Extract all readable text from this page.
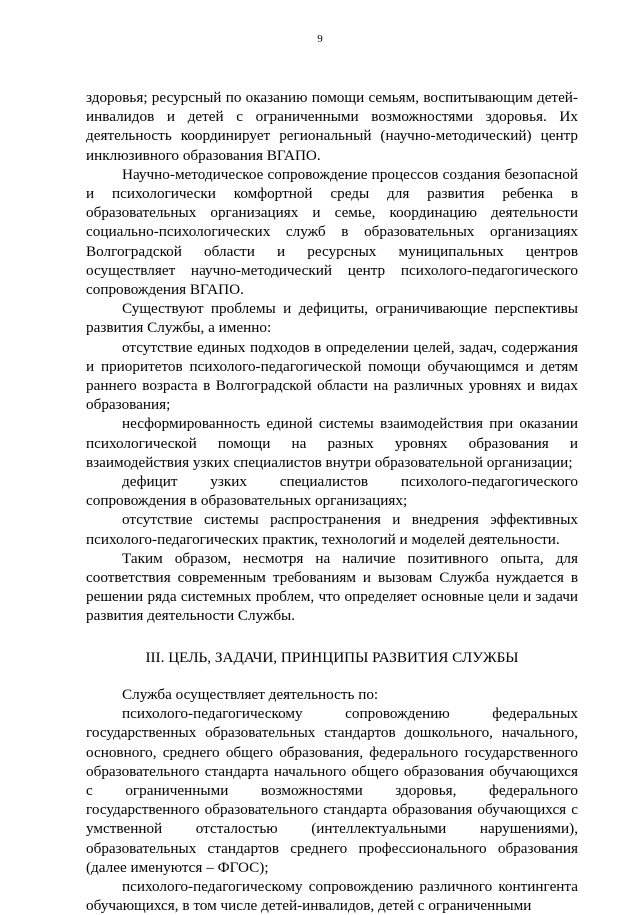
9

здоровья; ресурсный по оказанию помощи семьям, воспитывающим детей-инвалидов и детей с ограниченными возможностями здоровья. Их деятельность координирует региональный (научно-методический) центр инклюзивного образования ВГАПО.

Научно-методическое сопровождение процессов создания безопасной и психологически комфортной среды для развития ребенка в образовательных организациях и семье, координацию деятельности социально-психологических служб в образовательных организациях Волгоградской области и ресурсных муниципальных центров осуществляет научно-методический центр психолого-педагогического сопровождения ВГАПО.

Существуют проблемы и дефициты, ограничивающие перспективы развития Службы, а именно:

отсутствие единых подходов в определении целей, задач, содержания и приоритетов психолого-педагогической помощи обучающимся и детям раннего возраста в Волгоградской области на различных уровнях и видах образования;

несформированность единой системы взаимодействия при оказании психологической помощи на разных уровнях образования и взаимодействия узких специалистов внутри образовательной организации;

дефицит узких специалистов психолого-педагогического сопровождения в образовательных организациях;

отсутствие системы распространения и внедрения эффективных психолого-педагогических практик, технологий и моделей деятельности.

Таким образом, несмотря на наличие позитивного опыта, для соответствия современным требованиям и вызовам Служба нуждается в решении ряда системных проблем, что определяет основные цели и задачи развития деятельности Службы.

III. ЦЕЛЬ, ЗАДАЧИ, ПРИНЦИПЫ РАЗВИТИЯ СЛУЖБЫ

Служба осуществляет деятельность по:

психолого-педагогическому сопровождению федеральных государственных образовательных стандартов дошкольного, начального, основного, среднего общего образования, федерального государственного образовательного стандарта начального общего образования обучающихся с ограниченными возможностями здоровья, федерального государственного образовательного стандарта образования обучающихся с умственной отсталостью (интеллектуальными нарушениями), образовательных стандартов среднего профессионального образования (далее именуются – ФГОС);

психолого-педагогическому сопровождению различного контингента обучающихся, в том числе детей-инвалидов, детей с ограниченными
